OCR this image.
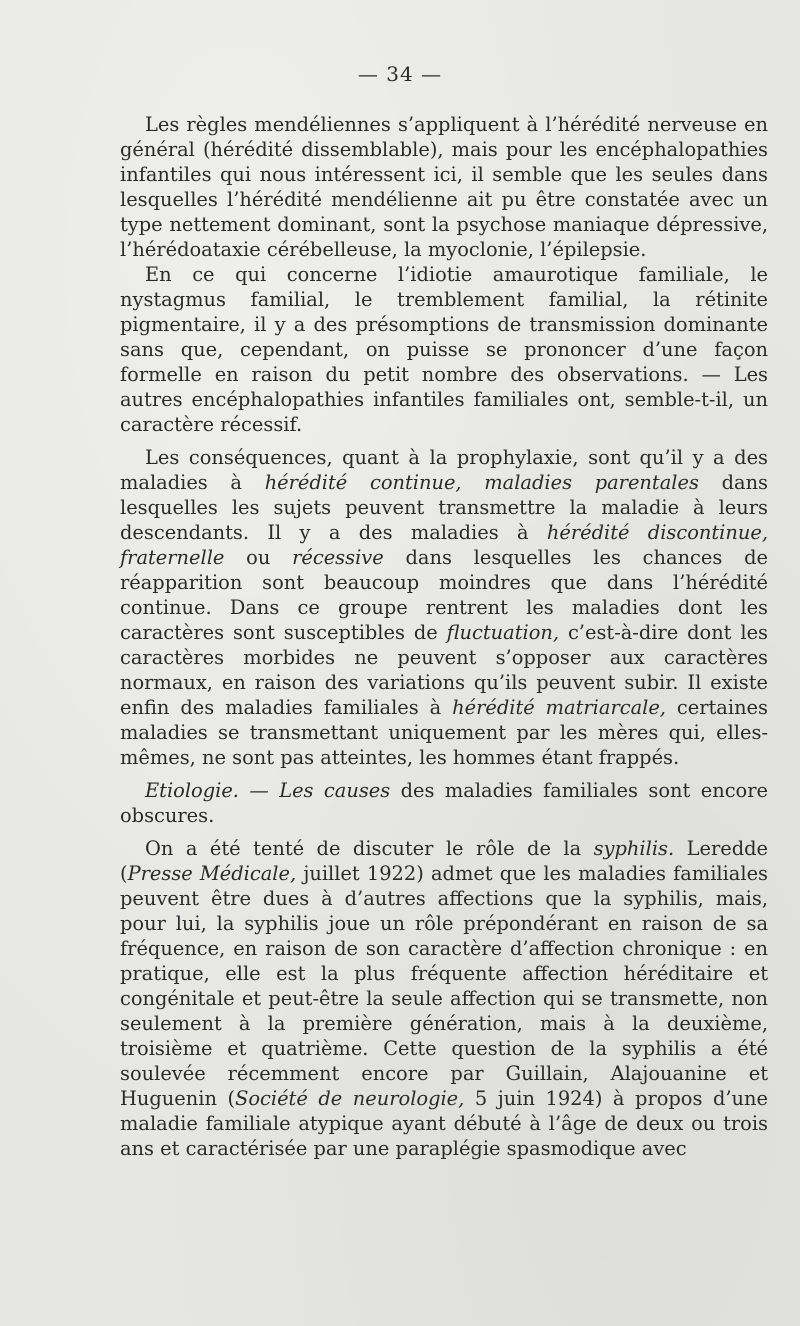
— 34 —

Les règles mendéliennes s’appliquent à l’hérédité nerveuse en général (hérédité dissemblable), mais pour les encéphalopathies infantiles qui nous intéressent ici, il semble que les seules dans lesquelles l’hérédité mendélienne ait pu être constatée avec un type nettement dominant, sont la psychose maniaque dépressive, l’hérédoataxie cérébelleuse, la myoclonie, l’épilepsie.

En ce qui concerne l’idiotie amaurotique familiale, le nystagmus familial, le tremblement familial, la rétinite pigmentaire, il y a des présomptions de transmission dominante sans que, cependant, on puisse se prononcer d’une façon formelle en raison du petit nombre des observations. — Les autres encéphalopathies infantiles familiales ont, semble-t-il, un caractère récessif.

Les conséquences, quant à la prophylaxie, sont qu’il y a des maladies à hérédité continue, maladies parentales dans lesquelles les sujets peuvent transmettre la maladie à leurs descendants. Il y a des maladies à hérédité discontinue, fraternelle ou récessive dans lesquelles les chances de réapparition sont beaucoup moindres que dans l’hérédité continue. Dans ce groupe rentrent les maladies dont les caractères sont susceptibles de fluctuation, c’est-à-dire dont les caractères morbides ne peuvent s’opposer aux caractères normaux, en raison des variations qu’ils peuvent subir. Il existe enfin des maladies familiales à hérédité matriarcale, certaines maladies se transmettant uniquement par les mères qui, elles-mêmes, ne sont pas atteintes, les hommes étant frappés.

Etiologie. — Les causes des maladies familiales sont encore obscures.

On a été tenté de discuter le rôle de la syphilis. Leredde (Presse Médicale, juillet 1922) admet que les maladies familiales peuvent être dues à d’autres affections que la syphilis, mais, pour lui, la syphilis joue un rôle prépondérant en raison de sa fréquence, en raison de son caractère d’affection chronique : en pratique, elle est la plus fréquente affection héréditaire et congénitale et peut-être la seule affection qui se transmette, non seulement à la première génération, mais à la deuxième, troisième et quatrième. Cette question de la syphilis a été soulevée récemment encore par Guillain, Alajouanine et Huguenin (Société de neurologie, 5 juin 1924) à propos d’une maladie familiale atypique ayant débuté à l’âge de deux ou trois ans et caractérisée par une paraplégie spasmodique avec
